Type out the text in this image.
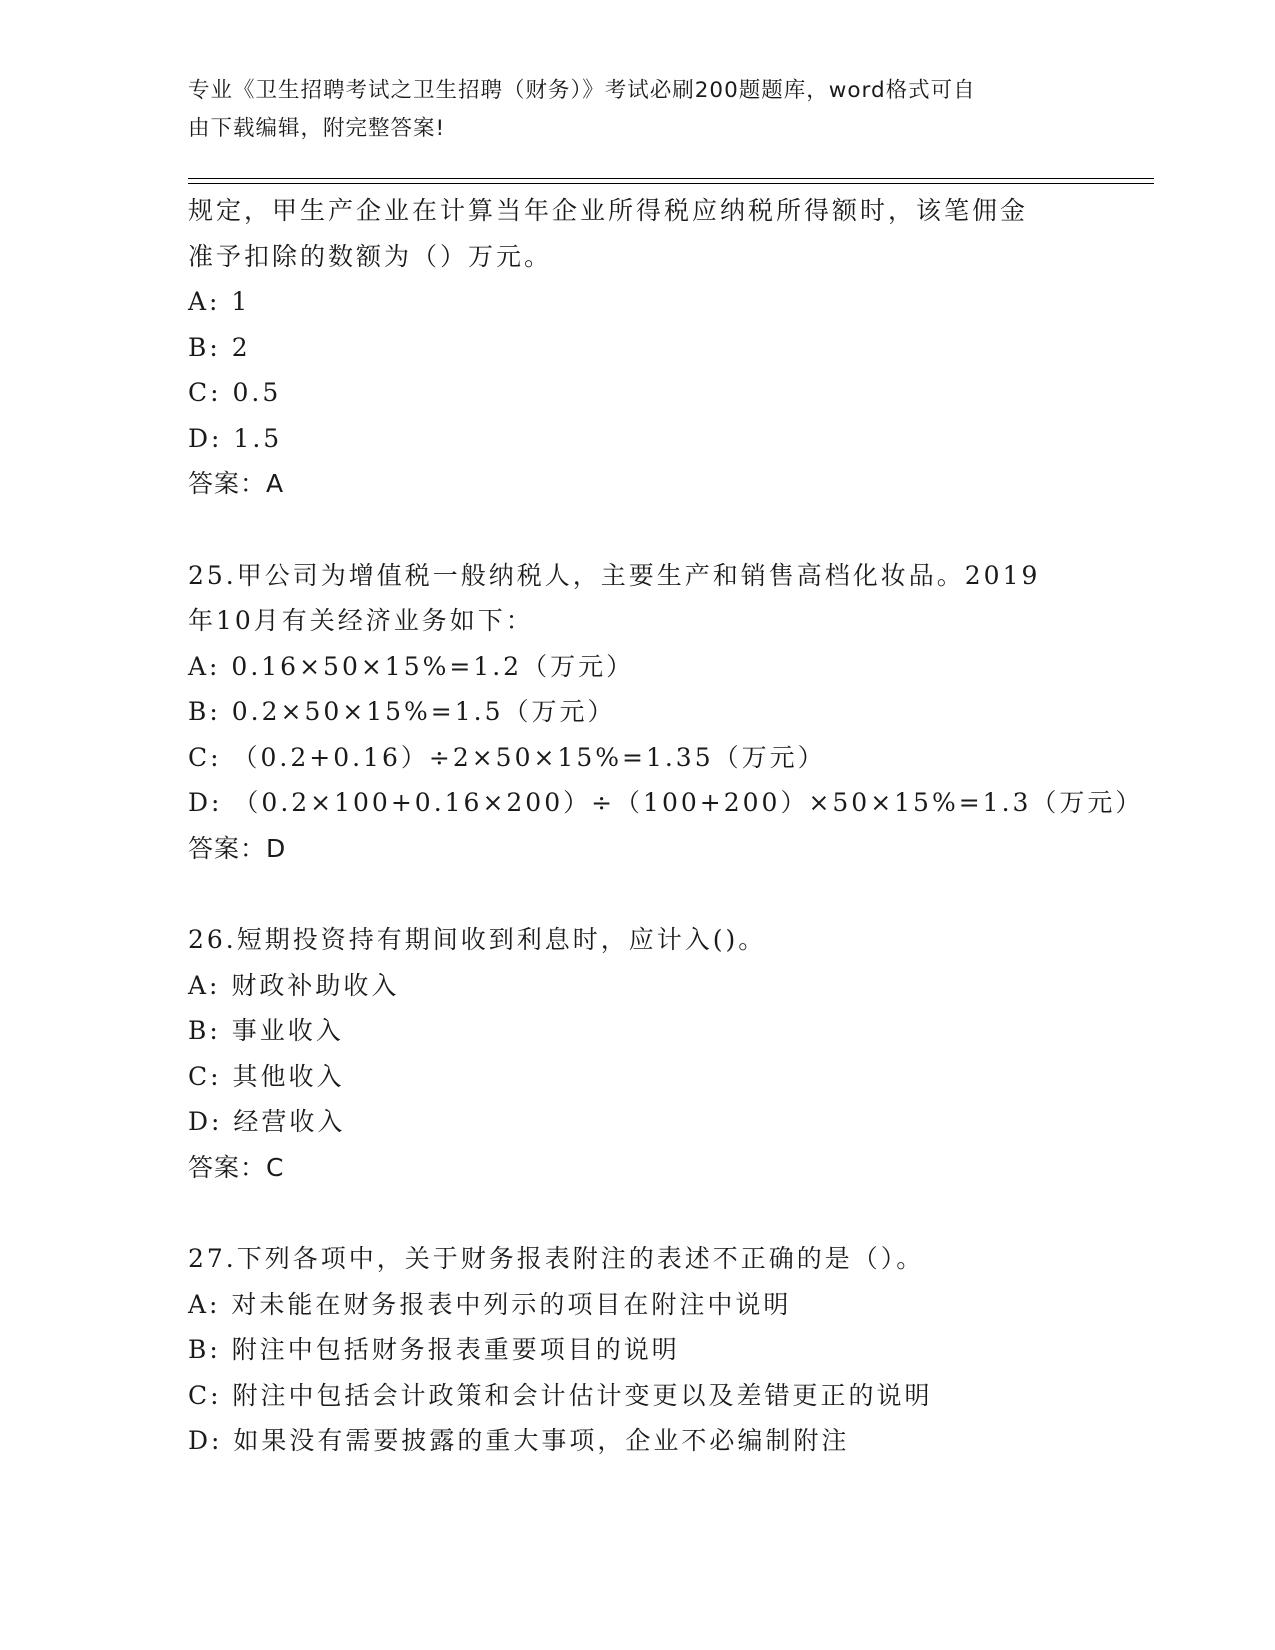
专业《卫生招聘考试之卫生招聘（财务）》考试必刷200题题库，word格式可自
由下载编辑，附完整答案!
规定，甲生产企业在计算当年企业所得税应纳税所得额时，该笔佣金
准予扣除的数额为（）万元。
A: 1
B: 2
C: 0.5
D: 1.5
答案：A
25.甲公司为增值税一般纳税人，主要生产和销售高档化妆品。2019
年10月有关经济业务如下：
A: 0.16×50×15%=1.2（万元）
B: 0.2×50×15%=1.5（万元）
C: （0.2+0.16）÷2×50×15%=1.35（万元）
D: （0.2×100+0.16×200）÷（100+200）×50×15%=1.3（万元）
答案：D
26.短期投资持有期间收到利息时，应计入()。
A: 财政补助收入
B: 事业收入
C: 其他收入
D: 经营收入
答案：C
27.下列各项中，关于财务报表附注的表述不正确的是（）。
A: 对未能在财务报表中列示的项目在附注中说明
B: 附注中包括财务报表重要项目的说明
C: 附注中包括会计政策和会计估计变更以及差错更正的说明
D: 如果没有需要披露的重大事项，企业不必编制附注
